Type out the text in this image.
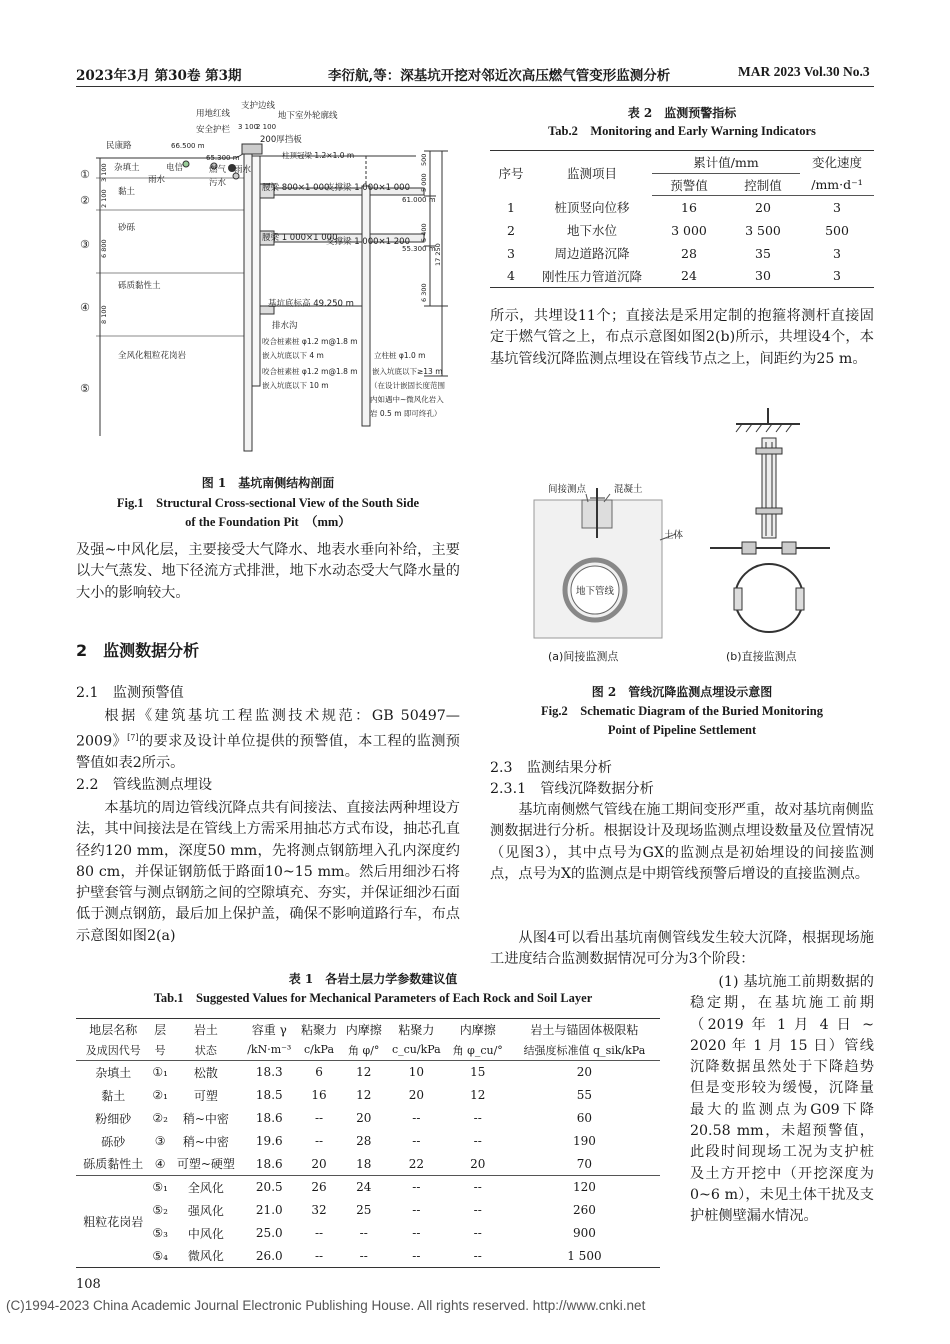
2023年3月 第30卷 第3期	李衍航,等：深基坑开挖对邻近次高压燃气管变形监测分析	MAR 2023 Vol.30 No.3
民康路
用地红线
安全护栏
支护边线
地下室外轮廓线
3 100
2 100
200厚挡板
柱顶冠梁 1.2×1.0 m
66.500 m
65.300 m
杂填土	电信	燃气
雨水
雨水
污水
黏土
砂砾
砾质黏性土
全风化粗粒花岗岩
腰梁 800×1 000
支撑梁 1 000×1 000
61.000 m
腰梁 1 000×1 000
支撑梁 1 000×1 200
55.300 m
基坑底标高 49.250 m
排水沟
咬合桩素桩 φ1.2 m@1.8 m
嵌入坑底以下 4 m
咬合桩素桩 φ1.2 m@1.8 m
嵌入坑底以下 10 m
立柱桩 φ1.0 m
嵌入坑底以下≥13 m
（在设计嵌固长度范围
内如遇中~微风化岩入
岩 0.5 m 即可终孔）
①
②
③
④
⑤
3 100
2 100
6 800
8 100
500
5 000
5 400
6 300
17 250
图 1　基坑南侧结构剖面
Fig.1　Structural Cross-sectional View of the South Side
of the Foundation Pit　（mm）
及强~中风化层，主要接受大气降水、地表水垂向补给，主要以大气蒸发、地下径流方式排泄，地下水动态受大气降水量的大小的影响较大。
2　监测数据分析
2.1　监测预警值
根据《建筑基坑工程监测技术规范：GB 50497—2009》[7]的要求及设计单位提供的预警值，本工程的监测预警值如表2所示。
2.2　管线监测点埋设
本基坑的周边管线沉降点共有间接法、直接法两种埋设方法，其中间接法是在管线上方需采用抽芯方式布设，抽芯孔直径约120 mm，深度50 mm，先将测点钢筋埋入孔内深度约80 cm，并保证钢筋低于路面10~15 mm。然后用细沙石将护壁套管与测点钢筋之间的空隙填充、夯实，并保证细沙石面低于测点钢筋，最后加上保护盖，确保不影响道路行车，布点示意图如图2(a)
表 2　监测预警指标
Tab.2　Monitoring and Early Warning Indicators
序号	监测项目	累计值/mm		变化速度
		预警值	控制值	/mm·d⁻¹
1	桩顶竖向位移	16	20	3
2	地下水位	3 000	3 500	500
3	周边道路沉降	28	35	3
4	刚性压力管道沉降	24	30	3
所示，共埋设11个；直接法是采用定制的抱箍将测杆直接固定于燃气管之上，布点示意图如图2(b)所示，共埋设4个，本基坑管线沉降监测点埋设在管线节点之上，间距约为25 m。
间接测点	混凝土
土体
地下管线
(a)间接监测点	(b)直接监测点
图 2　管线沉降监测点埋设示意图
Fig.2　Schematic Diagram of the Buried Monitoring
Point of Pipeline Settlement
2.3　监测结果分析
2.3.1　管线沉降数据分析
基坑南侧燃气管线在施工期间变形严重，故对基坑南侧监测数据进行分析。根据设计及现场监测点埋设数量及位置情况（见图3），其中点号为GX的监测点是初始埋设的间接监测点，点号为X的监测点是中期管线预警后增设的直接监测点。
从图4可以看出基坑南侧管线发生较大沉降，根据现场施工进度结合监测数据情况可分为3个阶段：
(1) 基坑施工前期数据的稳定期，在基坑施工前期（2019 年 1 月 4 日 ~ 2020 年 1 月 15 日）管线沉降数据虽然处于下降趋势但是变形较为缓慢，沉降量最大的监测点为G09下降20.58 mm，未超预警值，此段时间现场工况为支护桩及土方开挖中（开挖深度为0~6 m），未见土体干扰及支护桩侧壁漏水情况。
表 1　各岩土层力学参数建议值
Tab.1　Suggested Values for Mechanical Parameters of Each Rock and Soil Layer
地层名称	层	岩土	容重 γ	粘聚力	内摩擦	粘聚力	内摩擦	岩土与锚固体极限粘
及成因代号	号	状态	/kN·m⁻³	c/kPa	角 φ/°	c_cu/kPa	角 φ_cu/°	结强度标准值 q_sik/kPa
杂填土	①₁	松散	18.3	6	12	10	15	20
黏土	②₁	可塑	18.5	16	12	20	12	55
粉细砂	②₂	稍~中密	18.6	--	20	--	--	60
砾砂	③	稍~中密	19.6	--	28	--	--	190
砾质黏性土	④	可塑~硬塑	18.6	20	18	22	20	70
粗粒花岗岩	⑤₁	全风化	20.5	26	24	--	--	120
	⑤₂	强风化	21.0	32	25	--	--	260
	⑤₃	中风化	25.0	--	--	--	--	900
	⑤₄	微风化	26.0	--	--	--	--	1 500
108
(C)1994-2023 China Academic Journal Electronic Publishing House. All rights reserved. http://www.cnki.net
